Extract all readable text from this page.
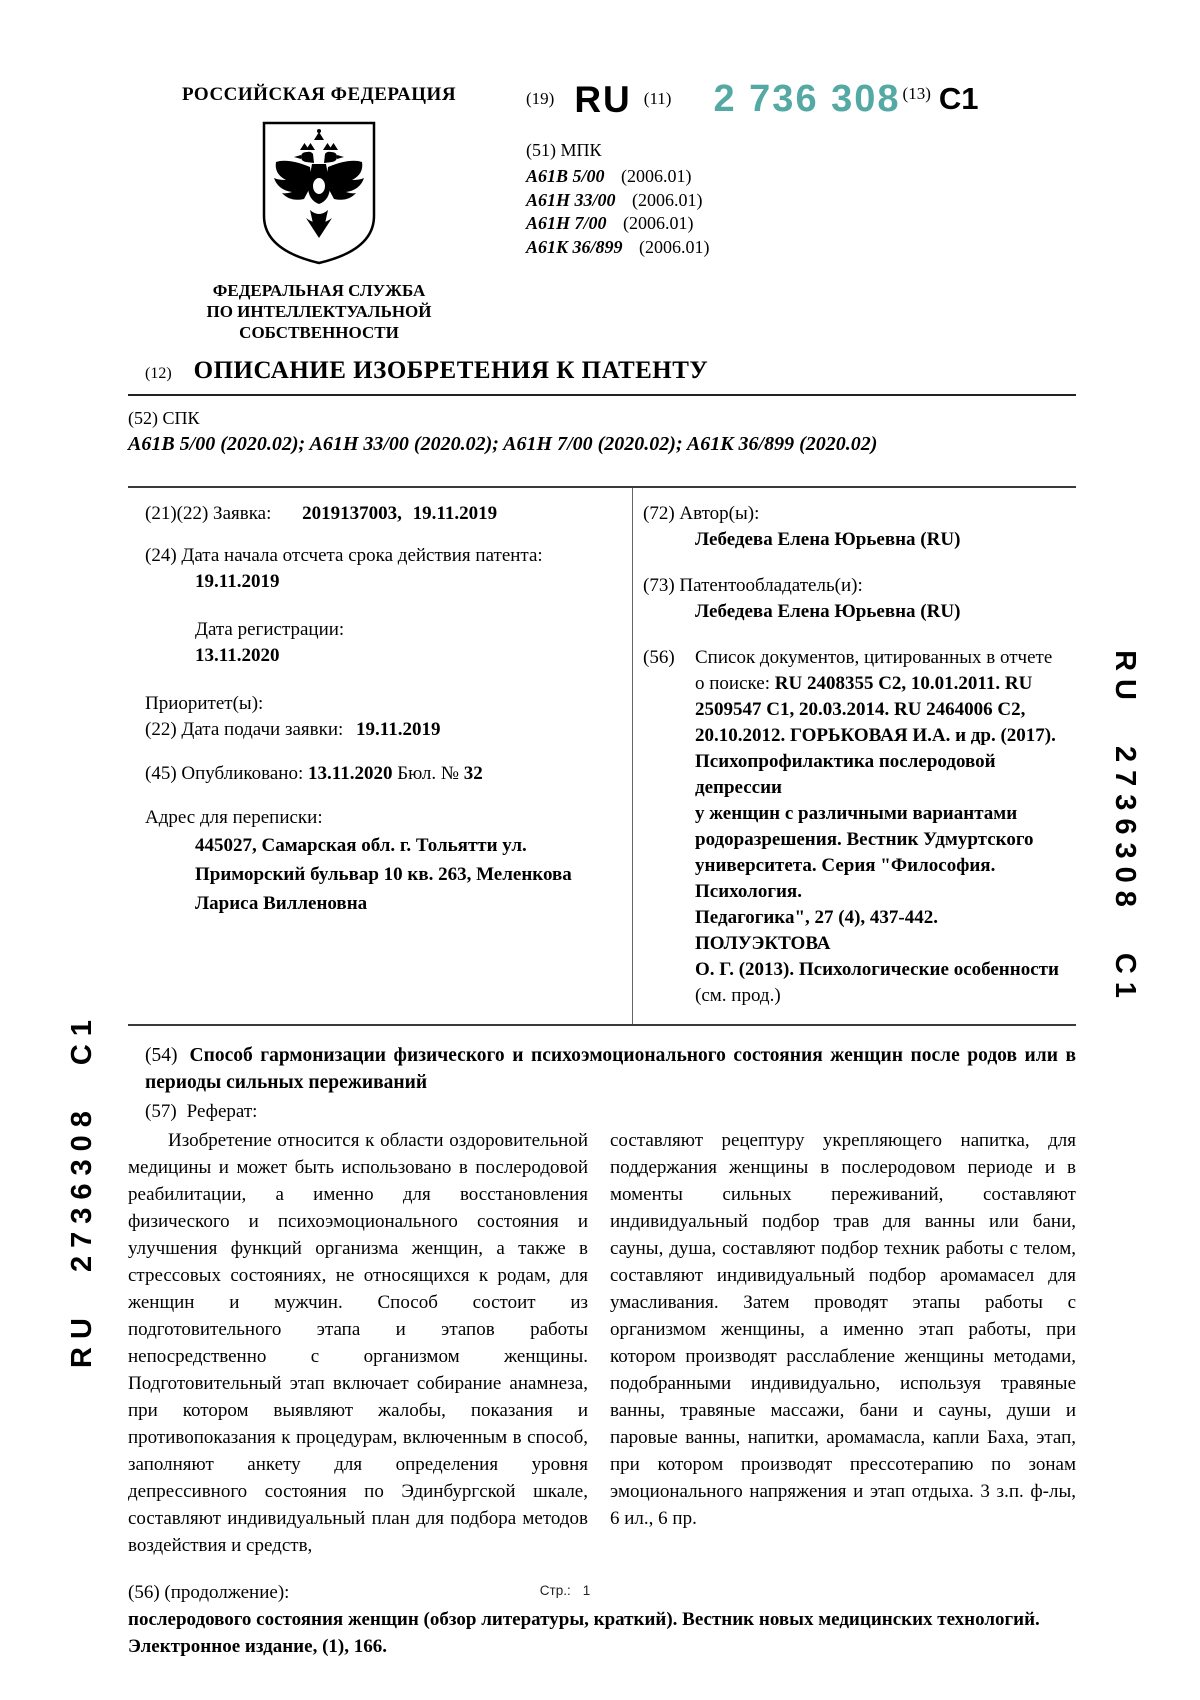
RU
2736308
C1
RU
2736308
C1
РОССИЙСКАЯ ФЕДЕРАЦИЯ
ФЕДЕРАЛЬНАЯ СЛУЖБА
ПО ИНТЕЛЛЕКТУАЛЬНОЙ СОБСТВЕННОСТИ
(19) RU (11) 2 736 308 (13) C1
(51) МПК
A61B 5/00 (2006.01)
A61H 33/00 (2006.01)
A61H 7/00 (2006.01)
A61K 36/899 (2006.01)
(12) ОПИСАНИЕ ИЗОБРЕТЕНИЯ К ПАТЕНТУ
(52) СПК
A61B 5/00 (2020.02); A61H 33/00 (2020.02); A61H 7/00 (2020.02); A61K 36/899 (2020.02)
(21)(22) Заявка: 2019137003, 19.11.2019
(24) Дата начала отсчета срока действия патента:
19.11.2019
Дата регистрации:
13.11.2020
Приоритет(ы):
(22) Дата подачи заявки: 19.11.2019
(45) Опубликовано: 13.11.2020 Бюл. № 32
Адрес для переписки:
445027, Самарская обл. г. Тольятти ул.
Приморский бульвар 10 кв. 263, Меленкова
Лариса Вилленовна
(72) Автор(ы):
Лебедева Елена Юрьевна (RU)
(73) Патентообладатель(и):
Лебедева Елена Юрьевна (RU)
(56) Список документов, цитированных в отчете
о поиске: RU 2408355 C2, 10.01.2011. RU
2509547 C1, 20.03.2014. RU 2464006 C2,
20.10.2012. ГОРЬКОВАЯ И.А. и др. (2017).
Психопрофилактика послеродовой депрессии
у женщин с различными вариантами
родоразрешения. Вестник Удмуртского
университета. Серия "Философия. Психология.
Педагогика", 27 (4), 437-442. ПОЛУЭКТОВА
О. Г. (2013). Психологические особенности
(см. прод.)
(54) Способ гармонизации физического и психоэмоционального состояния женщин после родов или в периоды сильных переживаний
(57) Реферат:
Изобретение относится к области оздоровительной медицины и может быть использовано в послеродовой реабилитации, а именно для восстановления физического и психоэмоционального состояния и улучшения функций организма женщин, а также в стрессовых состояниях, не относящихся к родам, для женщин и мужчин. Способ состоит из подготовительного этапа и этапов работы непосредственно с организмом женщины. Подготовительный этап включает собирание анамнеза, при котором выявляют жалобы, показания и противопоказания к процедурам, включенным в способ, заполняют анкету для определения уровня депрессивного состояния по Эдинбургской шкале, составляют индивидуальный план для подбора методов воздействия и средств,
составляют рецептуру укрепляющего напитка, для поддержания женщины в послеродовом периоде и в моменты сильных переживаний, составляют индивидуальный подбор трав для ванны или бани, сауны, душа, составляют подбор техник работы с телом, составляют индивидуальный подбор аромамасел для умасливания. Затем проводят этапы работы с организмом женщины, а именно этап работы, при котором производят расслабление женщины методами, подобранными индивидуально, используя травяные ванны, травяные массажи, бани и сауны, души и паровые ванны, напитки, аромамасла, капли Баха, этап, при котором производят прессотерапию по зонам эмоционального напряжения и этап отдыха. 3 з.п. ф-лы, 6 ил., 6 пр.
(56) (продолжение):
послеродового состояния женщин (обзор литературы, краткий). Вестник новых медицинских технологий.
Электронное издание, (1), 166.
Стр.: 1
